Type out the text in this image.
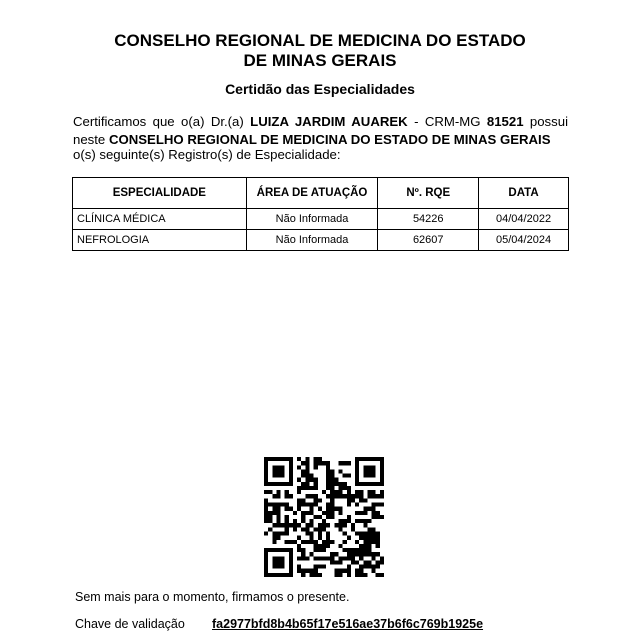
CONSELHO REGIONAL DE MEDICINA DO ESTADO
DE MINAS GERAIS
Certidão das Especialidades
Certificamos que o(a) Dr.(a) LUIZA JARDIM AUAREK - CRM-MG 81521 possui
neste CONSELHO REGIONAL DE MEDICINA DO ESTADO DE MINAS GERAIS
o(s) seguinte(s) Registro(s) de Especialidade:
ESPECIALIDADE	ÁREA DE ATUAÇÃO	Nº. RQE	DATA
CLÍNICA MÉDICA	Não Informada	54226	04/04/2022
NEFROLOGIA	Não Informada	62607	05/04/2024
Sem mais para o momento, firmamos o presente.
Chave de validação fa2977bfd8b4b65f17e516ae37b6f6c769b1925e
